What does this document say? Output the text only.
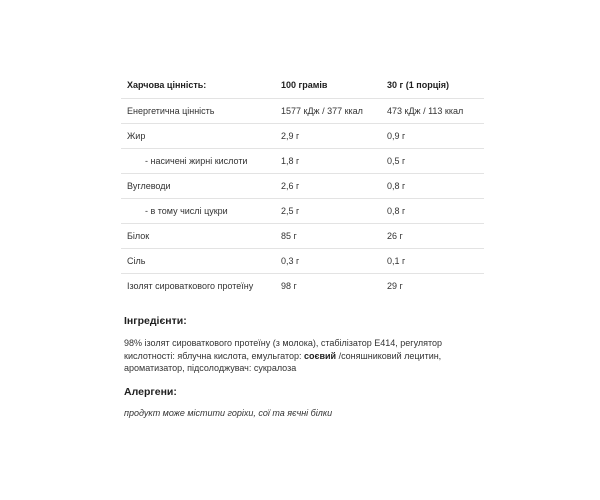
Харчова цінність:	100 грамів	30 г (1 порція)
Енергетична цінність	1577 кДж / 377 ккал	473 кДж / 113 ккал
Жир	2,9 г	0,9 г
- насичені жирні кислоти	1,8 г	0,5 г
Вуглеводи	2,6 г	0,8 г
- в тому числі цукри	2,5 г	0,8 г
Білок	85 г	26 г
Сіль	0,3 г	0,1 г
Ізолят сироваткового протеїну	98 г	29 г

Інгредієнти:

98% ізолят сироваткового протеїну (з молока), стабілізатор Е414, регулятор кислотності: яблучна кислота, емульгатор: соєвий /соняшниковий лецитин, ароматизатор, підсолоджувач: сукралоза

Алергени:

продукт може містити горіхи, сої та яєчні білки
